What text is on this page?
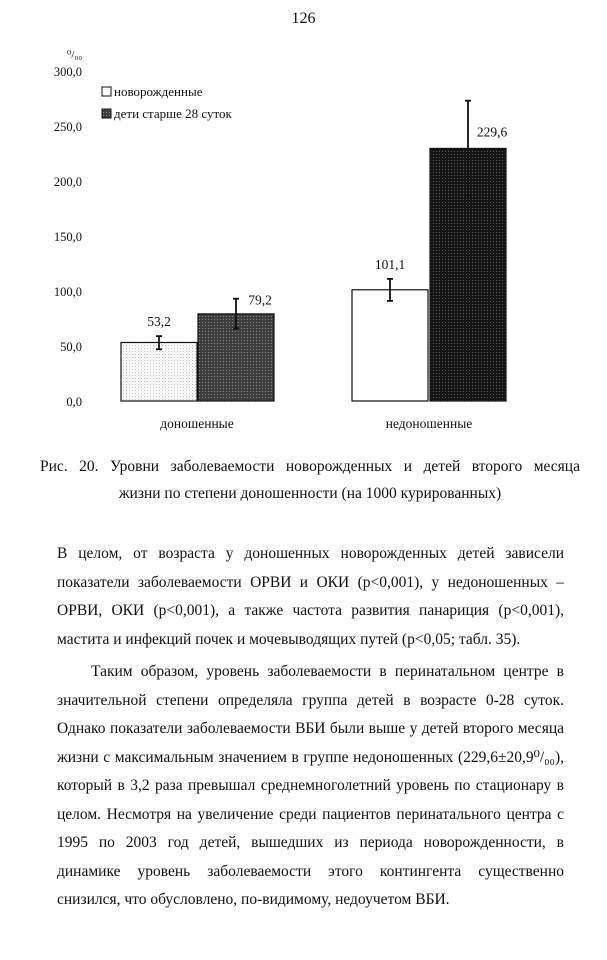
126
⁰/₀₀
0,0
50,0
100,0
150,0
200,0
250,0
300,0
53,2
79,2
101,1
229,6
доношенные	недоношенные
новорожденные
дети старше 28 суток
Рис. 20. Уровни заболеваемости новорожденных и детей второго месяца
жизни по степени доношенности (на 1000 курированных)

В целом, от возраста у доношенных новорожденных детей зависели показатели заболеваемости ОРВИ и ОКИ (р<0,001), у недоношенных – ОРВИ, ОКИ (р<0,001), а также частота развития панариция (р<0,001), мастита и инфекций почек и мочевыводящих путей (р<0,05; табл. 35).

Таким образом, уровень заболеваемости в перинатальном центре в значительной степени определяла группа детей в возрасте 0-28 суток. Однако показатели заболеваемости ВБИ были выше у детей второго месяца жизни с максимальным значением в группе недоношенных (229,6±20,9⁰/₀₀), который в 3,2 раза превышал среднемноголетний уровень по стационару в целом. Несмотря на увеличение среди пациентов перинатального центра с 1995 по 2003 год детей, вышедших из периода новорожденности, в динамике уровень заболеваемости этого контингента существенно снизился, что обусловлено, по-видимому, недоучетом ВБИ.
